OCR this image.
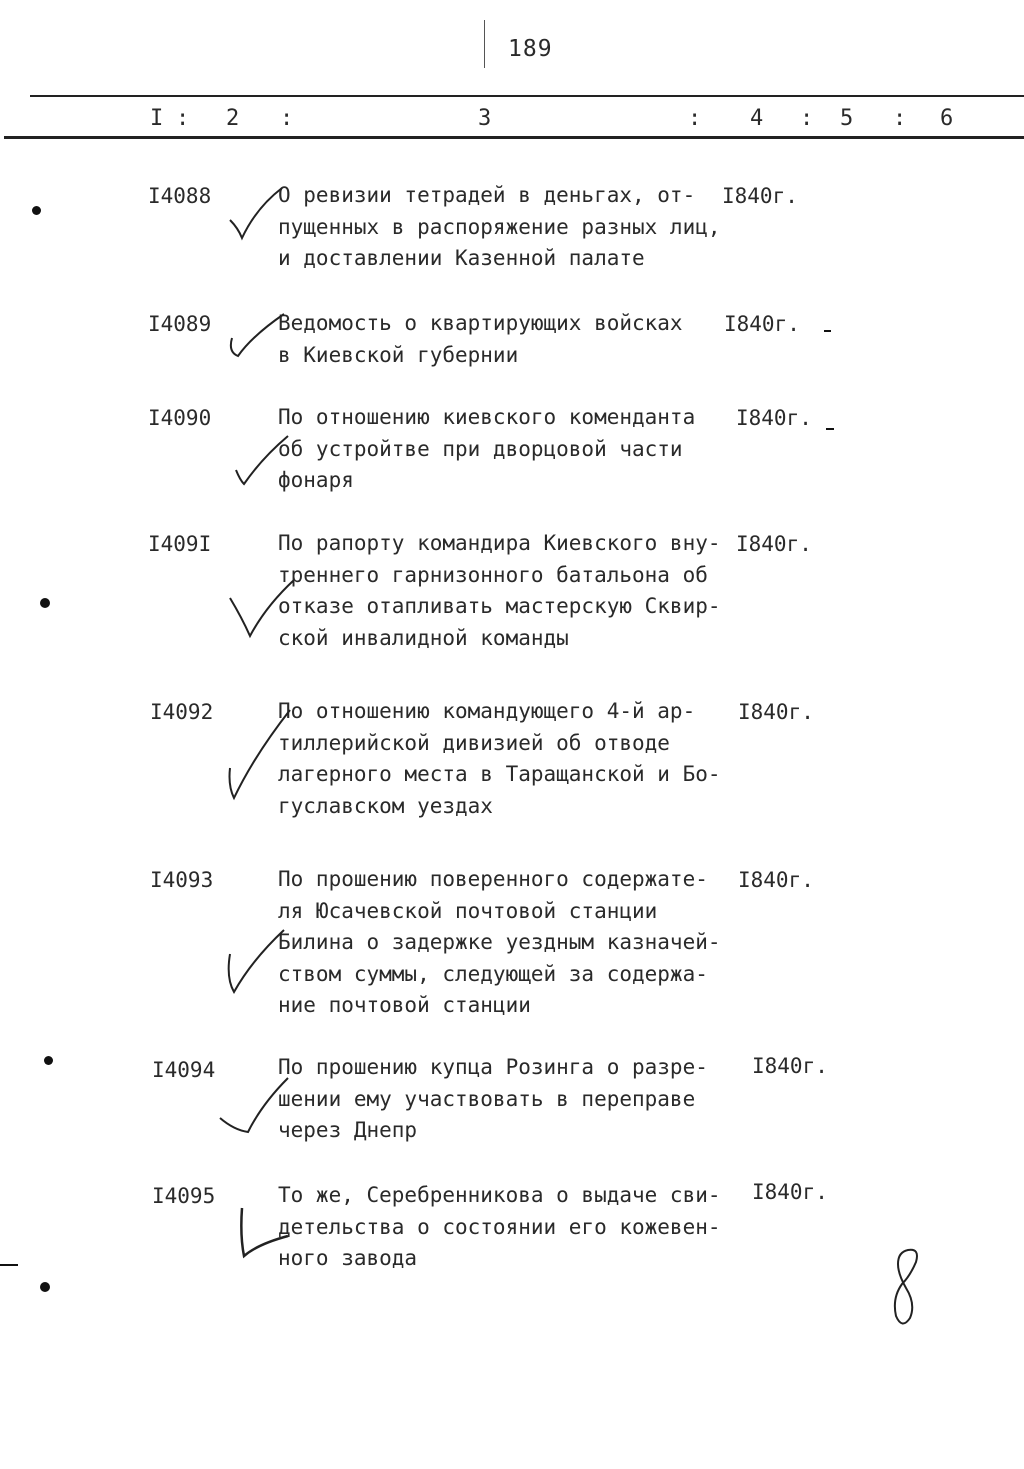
189
I : 2 :	3	: 4 : 5 : 6
I4088	О ревизии тетрадей в деньгах, от-
пущенных в распоряжение разных лиц,
и доставлении Казенной палате
I840г.
I4089	Ведомость о квартирующих войсках
в Киевской губернии
I840г.
I4090	По отношению киевского коменданта
об устройтве при дворцовой части
фонаря
I840г.
I409I	По рапорту командира Киевского вну-
треннего гарнизонного батальона об
отказе отапливать мастерскую Сквир-
ской инвалидной команды
I840г.
I4092	По отношению командующего 4-й ар-
тиллерийской дивизией об отводе
лагерного места в Таращанской и Бо-
гуславском уездах
I840г.
I4093	По прошению поверенного содержате-
ля Юсачевской почтовой станции
Билина о задержке уездным казначей-
ством суммы, следующей за содержа-
ние почтовой станции
I840г.
I4094	По прошению купца Розинга о разре-
шении ему участвовать в переправе
через Днепр
I840г.
I4095	То же, Серебренникова о выдаче сви-
детельства о состоянии его кожевен-
ного завода
I840г.
